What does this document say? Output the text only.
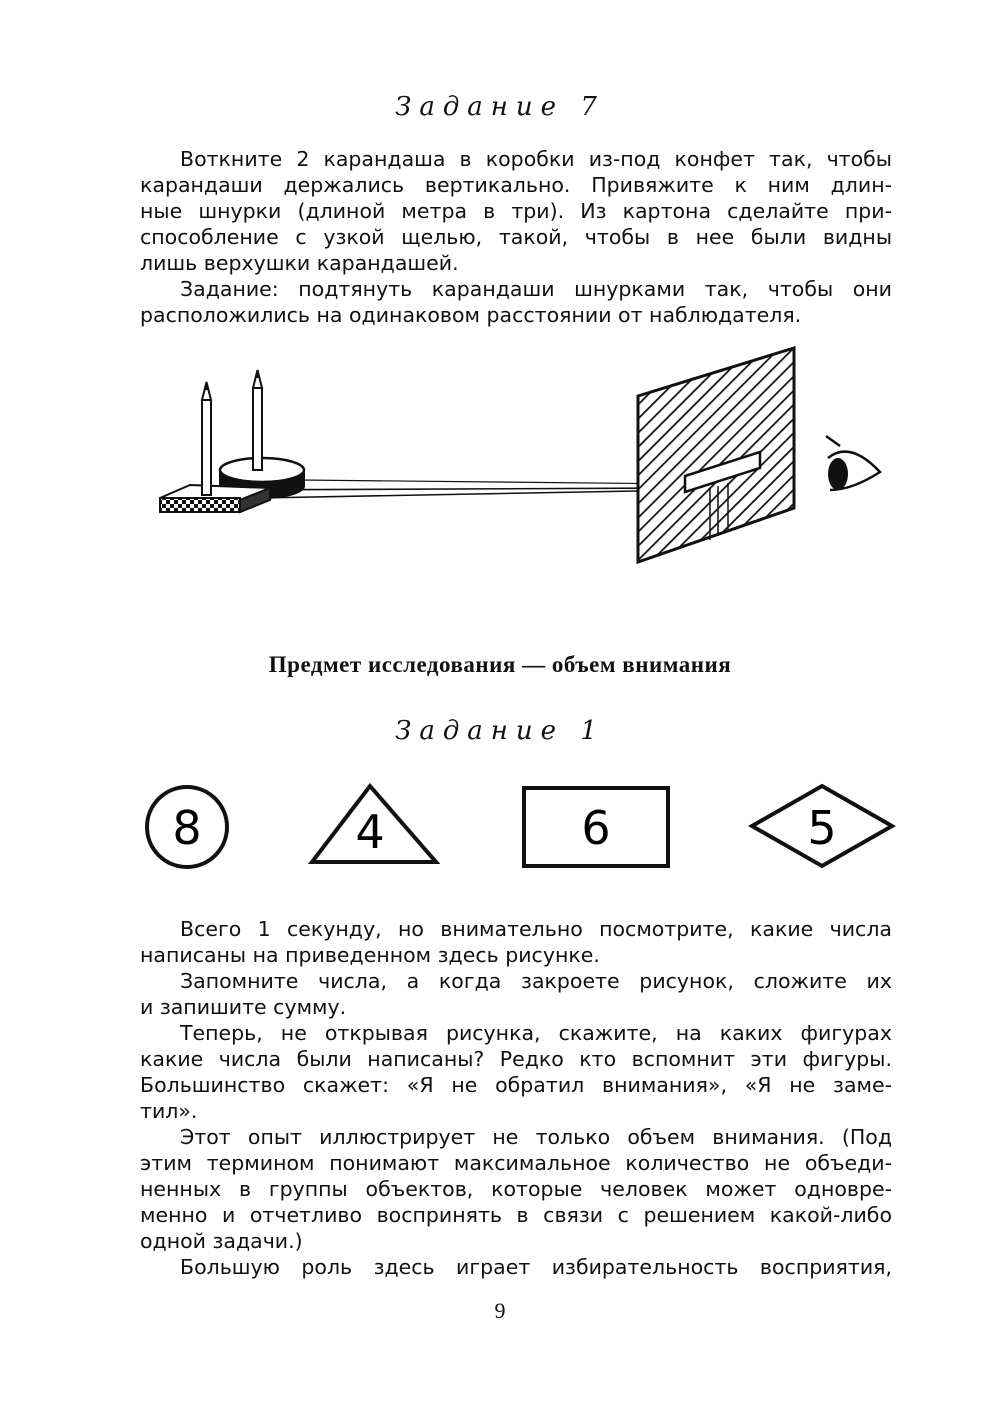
Задание 7
Воткните 2 карандаша в коробки из-под конфет так, чтобы
карандаши держались вертикально. Привяжите к ним длин-
ные шнурки (длиной метра в три). Из картона сделайте при-
способление с узкой щелью, такой, чтобы в нее были видны
лишь верхушки карандашей.
Задание: подтянуть карандаши шнурками так, чтобы они
расположились на одинаковом расстоянии от наблюдателя.
Предмет исследования — объем внимания
Задание 1
8	4	6	5
Всего 1 секунду, но внимательно посмотрите, какие числа
написаны на приведенном здесь рисунке.
Запомните числа, а когда закроете рисунок, сложите их
и запишите сумму.
Теперь, не открывая рисунка, скажите, на каких фигурах
какие числа были написаны? Редко кто вспомнит эти фигуры.
Большинство скажет: «Я не обратил внимания», «Я не заме-
тил».
Этот опыт иллюстрирует не только объем внимания. (Под
этим термином понимают максимальное количество не объеди-
ненных в группы объектов, которые человек может одновре-
менно и отчетливо воспринять в связи с решением какой-либо
одной задачи.)
Большую роль здесь играет избирательность восприятия,
9
